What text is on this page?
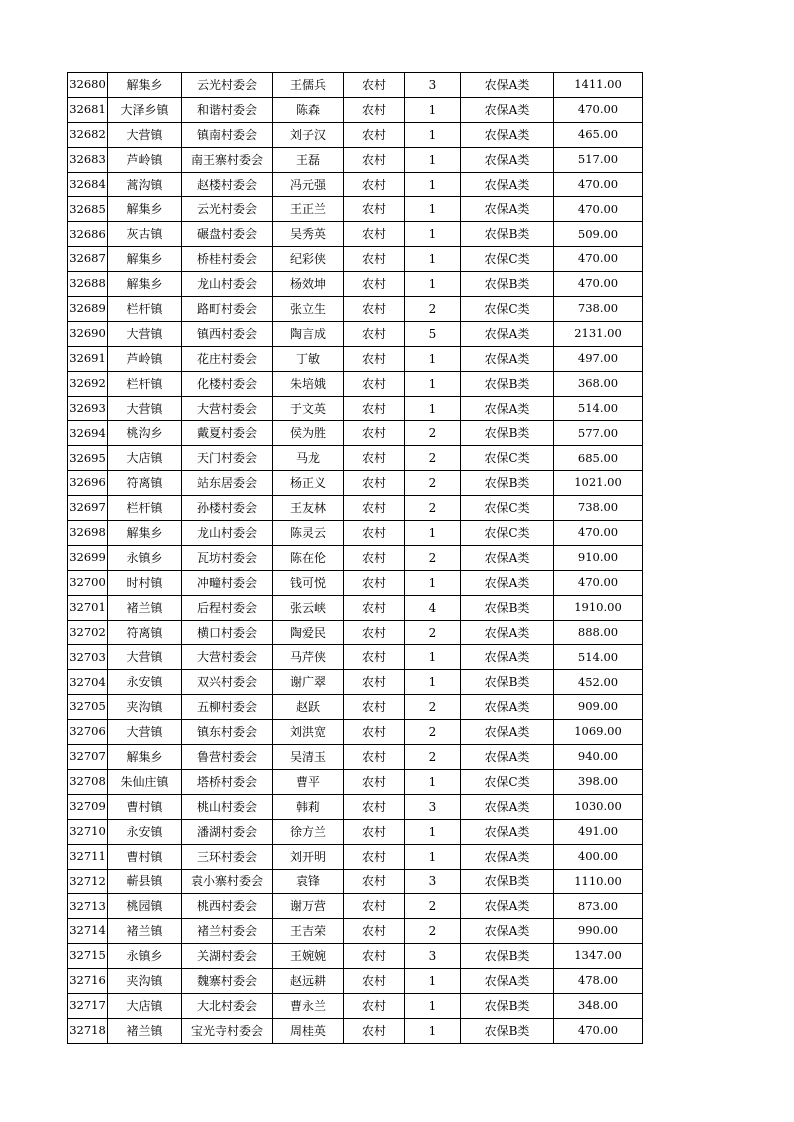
32680	解集乡	云光村委会	王儒兵	农村	3	农保A类	1411.00
32681	大泽乡镇	和谐村委会	陈森	农村	1	农保A类	470.00
32682	大营镇	镇南村委会	刘子汉	农村	1	农保A类	465.00
32683	芦岭镇	南王寨村委会	王磊	农村	1	农保A类	517.00
32684	蒿沟镇	赵楼村委会	冯元强	农村	1	农保A类	470.00
32685	解集乡	云光村委会	王正兰	农村	1	农保A类	470.00
32686	灰古镇	碾盘村委会	吴秀英	农村	1	农保B类	509.00
32687	解集乡	桥桂村委会	纪彩侠	农村	1	农保C类	470.00
32688	解集乡	龙山村委会	杨效坤	农村	1	农保B类	470.00
32689	栏杆镇	路町村委会	张立生	农村	2	农保C类	738.00
32690	大营镇	镇西村委会	陶言成	农村	5	农保A类	2131.00
32691	芦岭镇	花庄村委会	丁敏	农村	1	农保A类	497.00
32692	栏杆镇	化楼村委会	朱培娥	农村	1	农保B类	368.00
32693	大营镇	大营村委会	于文英	农村	1	农保A类	514.00
32694	桃沟乡	戴夏村委会	侯为胜	农村	2	农保B类	577.00
32695	大店镇	天门村委会	马龙	农村	2	农保C类	685.00
32696	符离镇	站东居委会	杨正义	农村	2	农保B类	1021.00
32697	栏杆镇	孙楼村委会	王友林	农村	2	农保C类	738.00
32698	解集乡	龙山村委会	陈灵云	农村	1	农保C类	470.00
32699	永镇乡	瓦坊村委会	陈在伦	农村	2	农保A类	910.00
32700	时村镇	冲疃村委会	钱可悦	农村	1	农保A类	470.00
32701	褚兰镇	后程村委会	张云峡	农村	4	农保B类	1910.00
32702	符离镇	横口村委会	陶爱民	农村	2	农保A类	888.00
32703	大营镇	大营村委会	马芹侠	农村	1	农保A类	514.00
32704	永安镇	双兴村委会	谢广翠	农村	1	农保B类	452.00
32705	夹沟镇	五柳村委会	赵跃	农村	2	农保A类	909.00
32706	大营镇	镇东村委会	刘洪宽	农村	2	农保A类	1069.00
32707	解集乡	鲁营村委会	吴清玉	农村	2	农保A类	940.00
32708	朱仙庄镇	塔桥村委会	曹平	农村	1	农保C类	398.00
32709	曹村镇	桃山村委会	韩莉	农村	3	农保A类	1030.00
32710	永安镇	潘湖村委会	徐方兰	农村	1	农保A类	491.00
32711	曹村镇	三环村委会	刘开明	农村	1	农保A类	400.00
32712	蕲县镇	袁小寨村委会	袁锋	农村	3	农保B类	1110.00
32713	桃园镇	桃西村委会	谢万营	农村	2	农保A类	873.00
32714	褚兰镇	褚兰村委会	王吉荣	农村	2	农保A类	990.00
32715	永镇乡	关湖村委会	王婉婉	农村	3	农保B类	1347.00
32716	夹沟镇	魏寨村委会	赵远耕	农村	1	农保A类	478.00
32717	大店镇	大北村委会	曹永兰	农村	1	农保B类	348.00
32718	褚兰镇	宝光寺村委会	周桂英	农村	1	农保B类	470.00
